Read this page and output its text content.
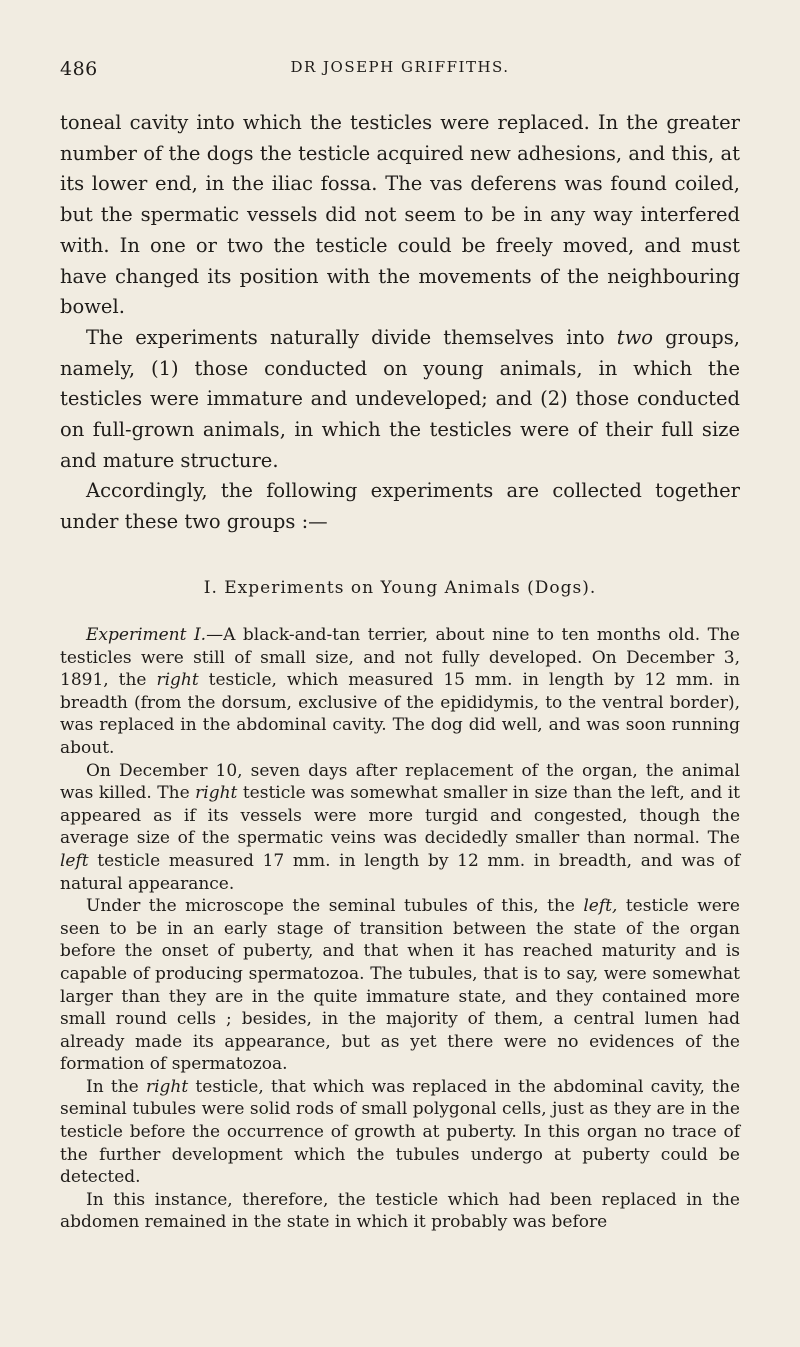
486	DR JOSEPH GRIFFITHS.

toneal cavity into which the testicles were replaced. In the greater number of the dogs the testicle acquired new adhesions, and this, at its lower end, in the iliac fossa. The vas deferens was found coiled, but the spermatic vessels did not seem to be in any way interfered with. In one or two the testicle could be freely moved, and must have changed its position with the movements of the neighbouring bowel.

The experiments naturally divide themselves into two groups, namely, (1) those conducted on young animals, in which the testicles were immature and undeveloped; and (2) those conducted on full-grown animals, in which the testicles were of their full size and mature structure.

Accordingly, the following experiments are collected together under these two groups :—

I. Experiments on Young Animals (Dogs).

Experiment I.—A black-and-tan terrier, about nine to ten months old. The testicles were still of small size, and not fully developed. On December 3, 1891, the right testicle, which measured 15 mm. in length by 12 mm. in breadth (from the dorsum, exclusive of the epididymis, to the ventral border), was replaced in the abdominal cavity. The dog did well, and was soon running about.

On December 10, seven days after replacement of the organ, the animal was killed. The right testicle was somewhat smaller in size than the left, and it appeared as if its vessels were more turgid and congested, though the average size of the spermatic veins was decidedly smaller than normal. The left testicle measured 17 mm. in length by 12 mm. in breadth, and was of natural appearance.

Under the microscope the seminal tubules of this, the left, testicle were seen to be in an early stage of transition between the state of the organ before the onset of puberty, and that when it has reached maturity and is capable of producing spermatozoa. The tubules, that is to say, were somewhat larger than they are in the quite immature state, and they contained more small round cells ; besides, in the majority of them, a central lumen had already made its appearance, but as yet there were no evidences of the formation of spermatozoa.

In the right testicle, that which was replaced in the abdominal cavity, the seminal tubules were solid rods of small polygonal cells, just as they are in the testicle before the occurrence of growth at puberty. In this organ no trace of the further development which the tubules undergo at puberty could be detected.

In this instance, therefore, the testicle which had been replaced in the abdomen remained in the state in which it probably was before
